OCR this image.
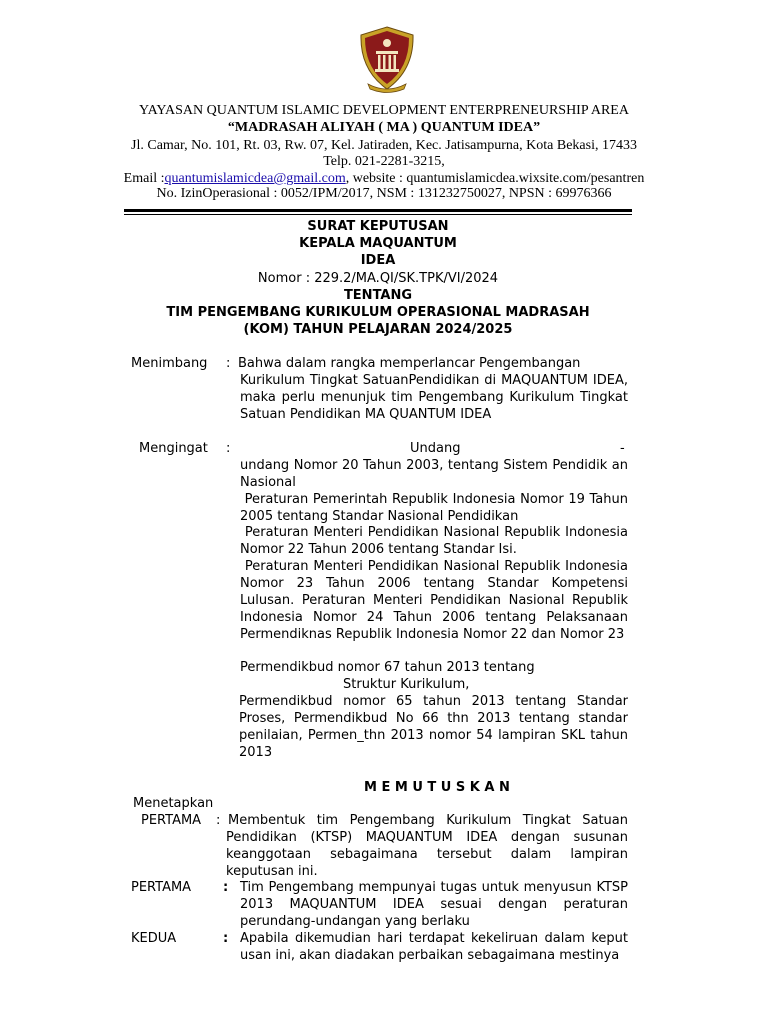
YAYASAN QUANTUM ISLAMIC DEVELOPMENT ENTERPRENEURSHIP AREA
“MADRASAH ALIYAH ( MA ) QUANTUM IDEA”
Jl. Camar, No. 101, Rt. 03, Rw. 07, Kel. Jatiraden, Kec. Jatisampurna, Kota Bekasi, 17433
Telp. 021-2281-3215,
Email :quantumislamicdea@gmail.com, website : quantumislamicdea.wixsite.com/pesantren
No. IzinOperasional : 0052/IPM/2017, NSM : 131232750027, NPSN : 69976366
SURAT KEPUTUSAN
KEPALA MAQUANTUM
IDEA
Nomor : 229.2/MA.QI/SK.TPK/VI/2024
TENTANG
TIM PENGEMBANG KURIKULUM OPERASIONAL MADRASAH
(KOM) TAHUN PELAJARAN 2024/2025
Menimbang : Bahwa dalam rangka memperlancar Pengembangan
Kurikulum Tingkat SatuanPendidikan di MAQUANTUM IDEA, maka perlu menunjuk tim Pengembang Kurikulum Tingkat Satuan Pendidikan MA QUANTUM IDEA
Mengingat :	Undang	-
undang Nomor 20 Tahun 2003, tentang Sistem Pendidik an Nasional
Peraturan Pemerintah Republik Indonesia Nomor 19 Tahun 2005 tentang Standar Nasional Pendidikan
Peraturan Menteri Pendidikan Nasional Republik Indonesia Nomor 22 Tahun 2006 tentang Standar Isi.
Peraturan Menteri Pendidikan Nasional Republik Indonesia Nomor 23 Tahun 2006 tentang Standar Kompetensi Lulusan. Peraturan Menteri Pendidikan Nasional Republik Indonesia Nomor 24 Tahun 2006 tentang Pelaksanaan Permendiknas Republik Indonesia Nomor 22 dan Nomor 23
Permendikbud nomor 67 tahun 2013 tentang
Struktur Kurikulum,
Permendikbud nomor 65 tahun 2013 tentang Standar Proses, Permendikbud No 66 thn 2013 tentang standar penilaian, Permen_thn 2013 nomor 54 lampiran SKL tahun 2013
M E M U T U S K A N
Menetapkan
PERTAMA : Membentuk tim Pengembang Kurikulum Tingkat Satuan Pendidikan (KTSP) MAQUANTUM IDEA dengan susunan keanggotaan sebagaimana tersebut dalam lampiran keputusan ini.
PERTAMA : Tim Pengembang mempunyai tugas untuk menyusun KTSP 2013 MAQUANTUM IDEA sesuai dengan peraturan perundang-undangan yang berlaku
KEDUA	: Apabila dikemudian hari terdapat kekeliruan dalam keput usan ini, akan diadakan perbaikan sebagaimana mestinya
